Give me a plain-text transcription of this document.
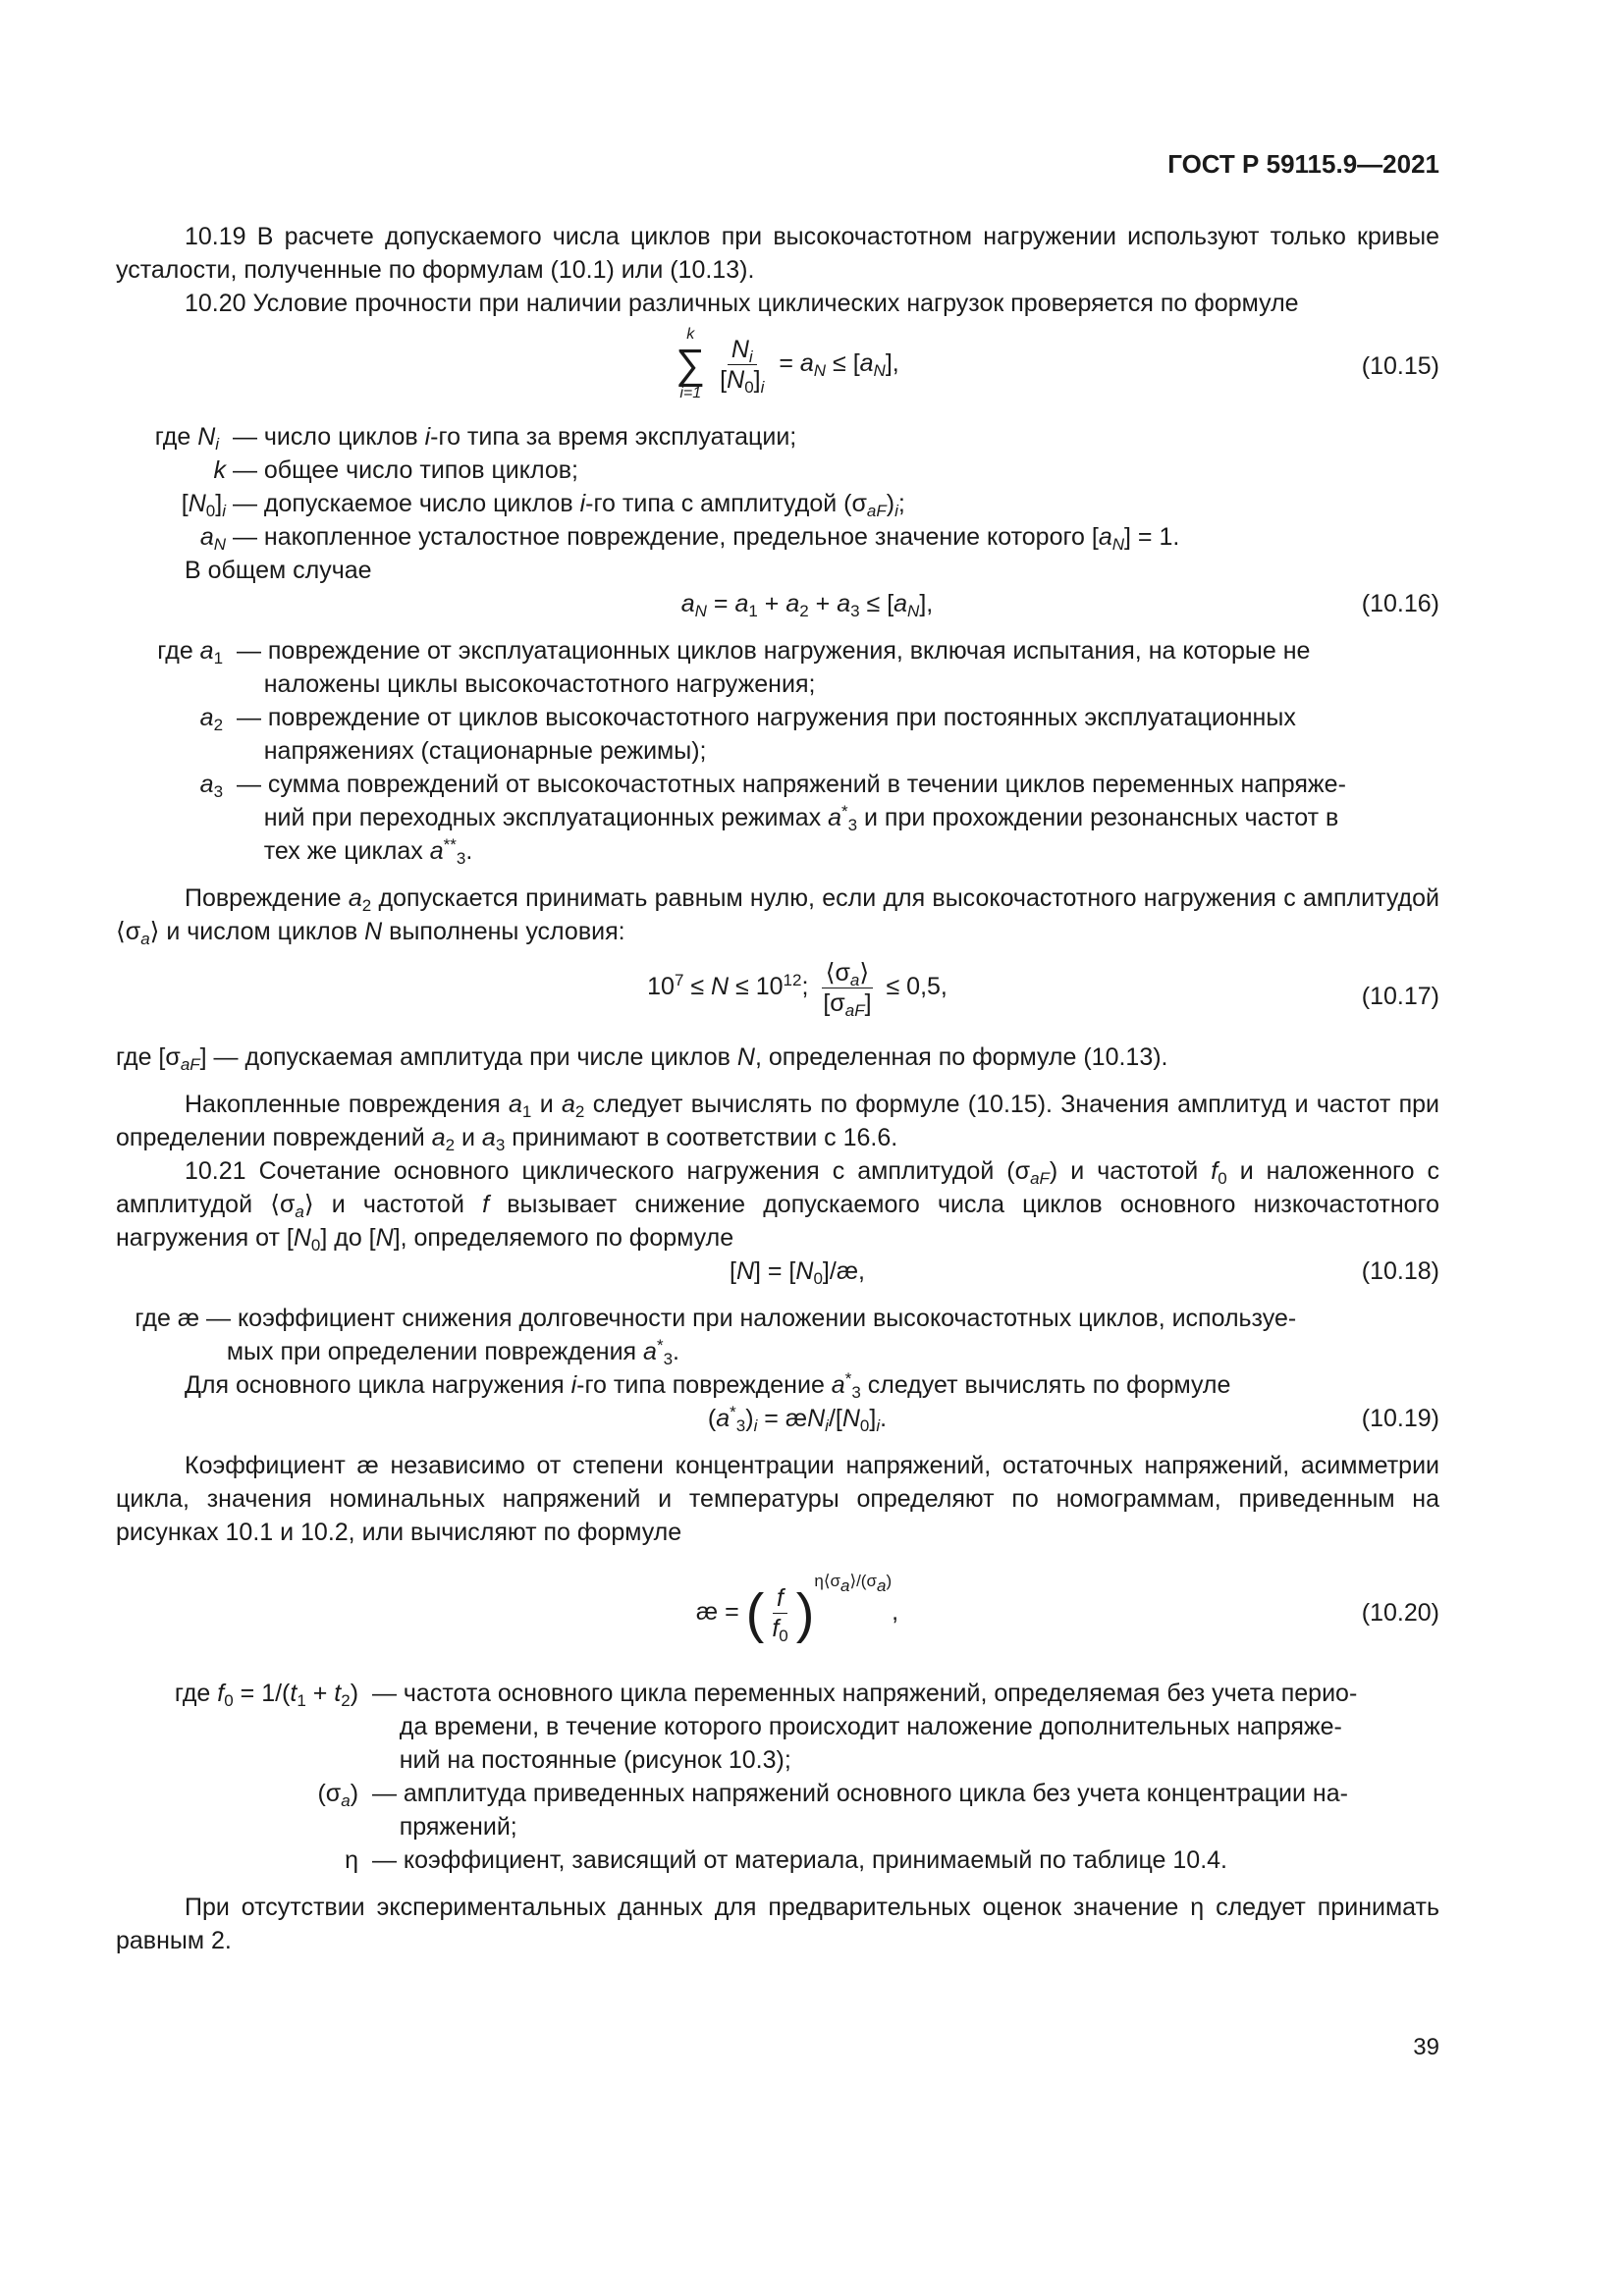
ГОСТ Р 59115.9—2021

10.19 В расчете допускаемого числа циклов при высокочастотном нагружении используют только кривые усталости, полученные по формулам (10.1) или (10.13).

10.20 Условие прочности при наличии различных циклических нагрузок проверяется по формуле

k
∑
i=1
$\frac{N_i}{[N_0]_i} = a_N \le [a_N]$,	(10.15)
где $N_i$ — число циклов i-го типа за время эксплуатации;
k — общее число типов циклов;
$[N_0]_i$ — допускаемое число циклов i-го типа с амплитудой $(\sigma_{aF})_i$;
$a_N$ — накопленное усталостное повреждение, предельное значение которого $[a_N] = 1$.

В общем случае

$a_N = a_1 + a_2 + a_3 \le [a_N]$,	(10.16)
где $a_1$ — повреждение от эксплуатационных циклов нагружения, включая испытания, на которые не
наложены циклы высокочастотного нагружения;
$a_2$ — повреждение от циклов высокочастотного нагружения при постоянных эксплуатационных
напряжениях (стационарные режимы);
$a_3$ — сумма повреждений от высокочастотных напряжений в течении циклов переменных напряже-
ний при переходных эксплуатационных режимах $a^*_3$ и при прохождении резонансных частот в
тех же циклах $a^{**}_3$.

Повреждение $a_2$ допускается принимать равным нулю, если для высокочастотного нагружения с амплитудой $⟨\sigma_a⟩$ и числом циклов N выполнены условия:

$10^7 \le N \le 10^{12}$; $\frac{⟨\sigma_a⟩}{[\sigma_{aF}]} \le 0,5$,	(10.17)

где $[\sigma_{aF}]$ — допускаемая амплитуда при числе циклов N, определенная по формуле (10.13).

Накопленные повреждения $a_1$ и $a_2$ следует вычислять по формуле (10.15). Значения амплитуд и частот при определении повреждений $a_2$ и $a_3$ принимают в соответствии с 16.6.

10.21 Сочетание основного циклического нагружения с амплитудой $(\sigma_{aF})$ и частотой $f_0$ и наложенного с амплитудой $⟨\sigma_a⟩$ и частотой f вызывает снижение допускаемого числа циклов основного низкочастотного нагружения от $[N_0]$ до [N], определяемого по формуле

$[N] = [N_0]/æ$,	(10.18)
где æ — коэффициент снижения долговечности при наложении высокочастотных циклов, используе-
мых при определении повреждения $a^*_3$.

Для основного цикла нагружения i-го типа повреждение $a^*_3$ следует вычислять по формуле

$(a^*_3)_i$ = $æN_i/[N_0]_i$.	(10.19)

Коэффициент æ независимо от степени концентрации напряжений, остаточных напряжений, асимметрии цикла, значения номинальных напряжений и температуры определяют по номограммам, приведенным на рисунках 10.1 и 10.2, или вычисляют по формуле

æ = ( $\frac{f}{f_0} )^{\eta⟨\sigma_a⟩/(\sigma_a)}$,	(10.20)
где $f_0 = 1/(t_1 + t_2)$ — частота основного цикла переменных напряжений, определяемая без учета перио-
да времени, в течение которого происходит наложение дополнительных напряже-
ний на постоянные (рисунок 10.3);
$(\sigma_a)$ — амплитуда приведенных напряжений основного цикла без учета концентрации на-
пряжений;
η — коэффициент, зависящий от материала, принимаемый по таблице 10.4.

При отсутствии экспериментальных данных для предварительных оценок значение η следует принимать равным 2.

39
